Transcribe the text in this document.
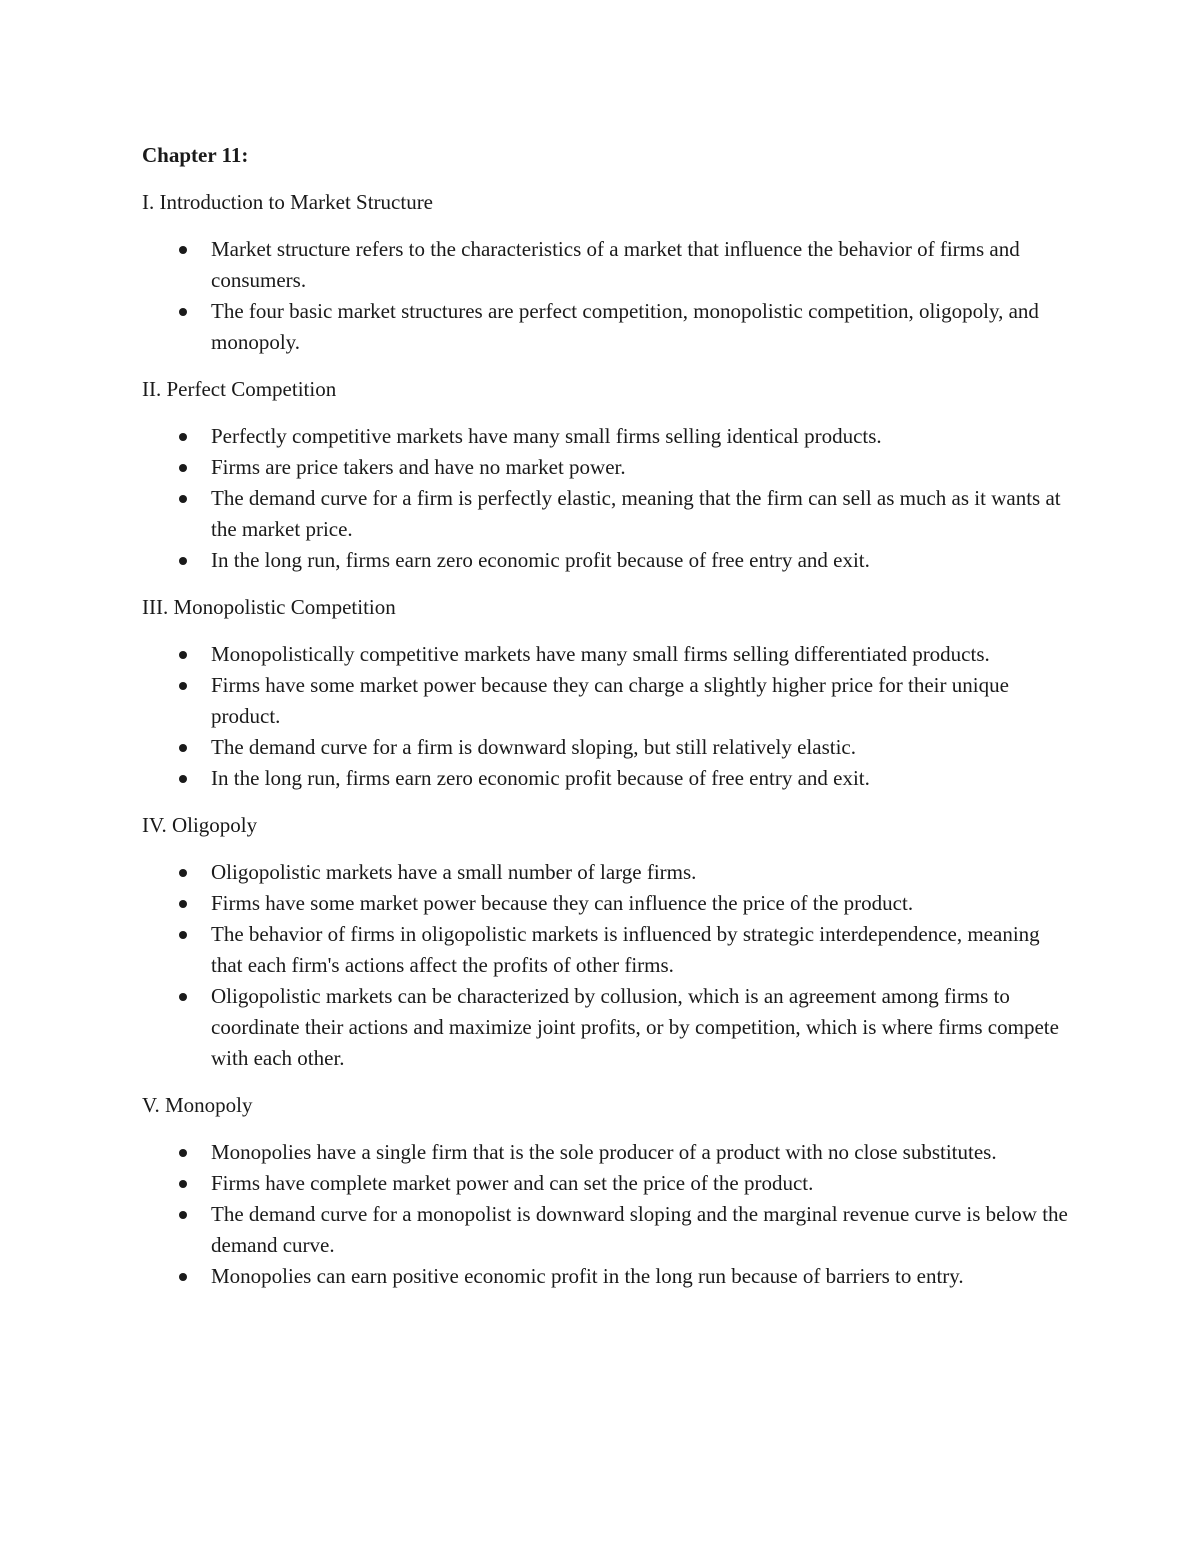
Chapter 11:
I. Introduction to Market Structure
Market structure refers to the characteristics of a market that influence the behavior of firms and consumers.
The four basic market structures are perfect competition, monopolistic competition, oligopoly, and monopoly.
II. Perfect Competition
Perfectly competitive markets have many small firms selling identical products.
Firms are price takers and have no market power.
The demand curve for a firm is perfectly elastic, meaning that the firm can sell as much as it wants at the market price.
In the long run, firms earn zero economic profit because of free entry and exit.
III. Monopolistic Competition
Monopolistically competitive markets have many small firms selling differentiated products.
Firms have some market power because they can charge a slightly higher price for their unique product.
The demand curve for a firm is downward sloping, but still relatively elastic.
In the long run, firms earn zero economic profit because of free entry and exit.
IV. Oligopoly
Oligopolistic markets have a small number of large firms.
Firms have some market power because they can influence the price of the product.
The behavior of firms in oligopolistic markets is influenced by strategic interdependence, meaning that each firm's actions affect the profits of other firms.
Oligopolistic markets can be characterized by collusion, which is an agreement among firms to coordinate their actions and maximize joint profits, or by competition, which is where firms compete with each other.
V. Monopoly
Monopolies have a single firm that is the sole producer of a product with no close substitutes.
Firms have complete market power and can set the price of the product.
The demand curve for a monopolist is downward sloping and the marginal revenue curve is below the demand curve.
Monopolies can earn positive economic profit in the long run because of barriers to entry.
